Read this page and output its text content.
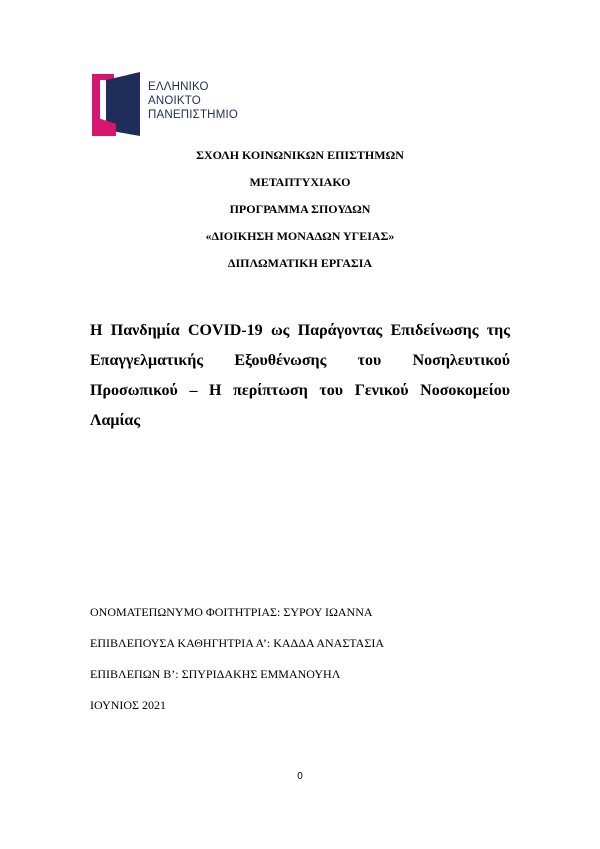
ΕΛΛΗΝΙΚΟ
ΑΝΟΙΚΤΟ
ΠΑΝΕΠΙΣΤΗΜΙΟ
ΣΧΟΛΗ ΚΟΙΝΩΝΙΚΩΝ ΕΠΙΣΤΗΜΩΝ
ΜΕΤΑΠΤΥΧΙΑΚΟ
ΠΡΟΓΡΑΜΜΑ ΣΠΟΥΔΩΝ
«ΔΙΟΙΚΗΣΗ ΜΟΝΑΔΩΝ ΥΓΕΙΑΣ»
ΔΙΠΛΩΜΑΤΙΚΗ ΕΡΓΑΣΙΑ
Η Πανδημία COVID-19 ως Παράγοντας Επιδείνωσης της Επαγγελματικής Εξουθένωσης του Νοσηλευτικού Προσωπικού – Η περίπτωση του Γενικού Νοσοκομείου Λαμίας
ΟΝΟΜΑΤΕΠΩΝΥΜΟ ΦΟΙΤΗΤΡΙΑΣ: ΣΥΡΟΥ ΙΩΑΝΝΑ
ΕΠΙΒΛΕΠΟΥΣΑ ΚΑΘΗΓΗΤΡΙΑ Α’: ΚΑΔΔΑ ΑΝΑΣΤΑΣΙΑ
ΕΠΙΒΛΕΠΩΝ Β’: ΣΠΥΡΙΔΑΚΗΣ ΕΜΜΑΝΟΥΗΛ
ΙΟΥΝΙΟΣ 2021
0
